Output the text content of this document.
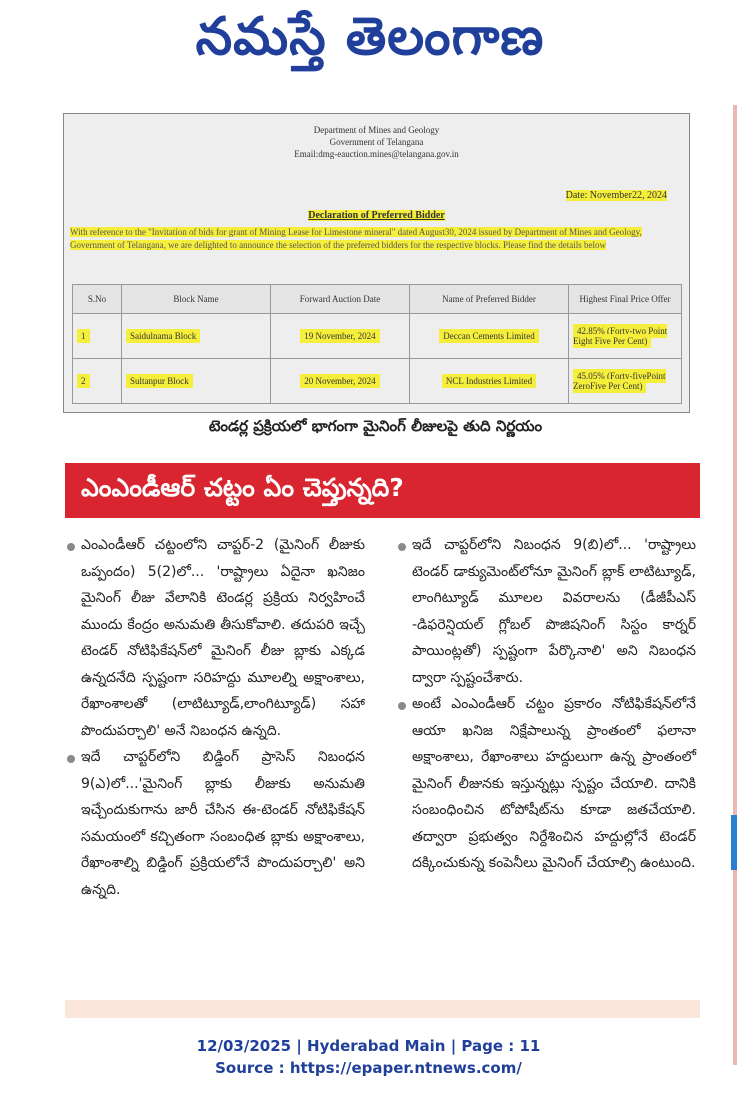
నమస్తే తెలంగాణ
Department of Mines and Geology
Government of Telangana
Email:dmg-eauction.mines@telangana.gov.in
Date: November22, 2024
Declaration of Preferred Bidder
With reference to the "Invitation of bids for grant of Mining Lease for Limestone mineral" dated August30, 2024 issued by Department of Mines and Geology, Government of Telangana, we are delighted to announce the selection of the preferred bidders for the respective blocks. Please find the details below
S.No	Block Name	Forward Auction Date	Name of Preferred Bidder	Highest Final Price Offer
1	Saidulnama Block	19 November, 2024	Deccan Cements Limited	42.85% (Forty-two Point Eight Five Per Cent)
2	Sultanpur Block	20 November, 2024	NCL Industries Limited	45.05% (Forty-fivePoint ZeroFive Per Cent)
టెండర్ల ప్రక్రియలో భాగంగా మైనింగ్ లీజులపై తుది నిర్ణయం
ఎంఎండీఆర్ చట్టం ఏం చెప్తున్నది?

ఎంఎండీఆర్ చట్టంలోని చాప్టర్-2 (మైనింగ్ లీజుకు ఒప్పందం) 5(2)లో... 'రాష్ట్రాలు ఏదైనా ఖనిజం మైనింగ్ లీజు వేలానికి టెండర్ల ప్రక్రియ నిర్వహించే ముందు కేంద్రం అనుమతి తీసుకోవాలి. తదుపరి ఇచ్చే టెండర్ నోటిఫికేషన్‌లో మైనింగ్ లీజు బ్లాకు ఎక్కడ ఉన్నదనేది స్పష్టంగా సరిహద్దు మూలల్ని అక్షాంశాలు, రేఖాంశాలతో (లాటిట్యూడ్,లాంగిట్యూడ్) సహా పొందుపర్చాలి' అనే నిబంధన ఉన్నది.

ఇదే చాప్టర్‌లోని బిడ్డింగ్ ప్రాసెస్ నిబంధన 9(ఎ)లో...'మైనింగ్ బ్లాకు లీజుకు అనుమతి ఇచ్చేందుకుగాను జారీ చేసిన ఈ-టెండర్ నోటిఫికేషన్ సమయంలో కచ్చితంగా సంబంధిత బ్లాకు అక్షాంశాలు, రేఖాంశాల్ని బిడ్డింగ్ ప్రక్రియలోనే పొందుపర్చాలి' అని ఉన్నది.

ఇదే చాప్టర్‌లోని నిబంధన 9(బి)లో... 'రాష్ట్రాలు టెండర్ డాక్యుమెంట్‌లోనూ మైనింగ్ బ్లాక్ లాటిట్యూడ్, లాంగిట్యూడ్ మూలల వివరాలను (డీజీపీఎస్ -డిఫరెన్షియల్ గ్లోబల్ పొజిషనింగ్ సిస్టం కార్నర్ పాయింట్లతో) స్పష్టంగా పేర్కొనాలి' అని నిబంధన ద్వారా స్పష్టంచేశారు.

అంటే ఎంఎండీఆర్ చట్టం ప్రకారం నోటిఫికేషన్‌లోనే ఆయా ఖనిజ నిక్షేపాలున్న ప్రాంతంలో ఫలానా అక్షాంశాలు, రేఖాంశాలు హద్దులుగా ఉన్న ప్రాంతంలో మైనింగ్ లీజునకు ఇస్తున్నట్లు స్పష్టం చేయాలి. దానికి సంబంధించిన టోపోషీట్‌ను కూడా జతచేయాలి. తద్వారా ప్రభుత్వం నిర్దేశించిన హద్దుల్లోనే టెండర్ దక్కించుకున్న కంపెనీలు మైనింగ్ చేయాల్సి ఉంటుంది.

12/03/2025 | Hyderabad Main | Page : 11
Source : https://epaper.ntnews.com/
